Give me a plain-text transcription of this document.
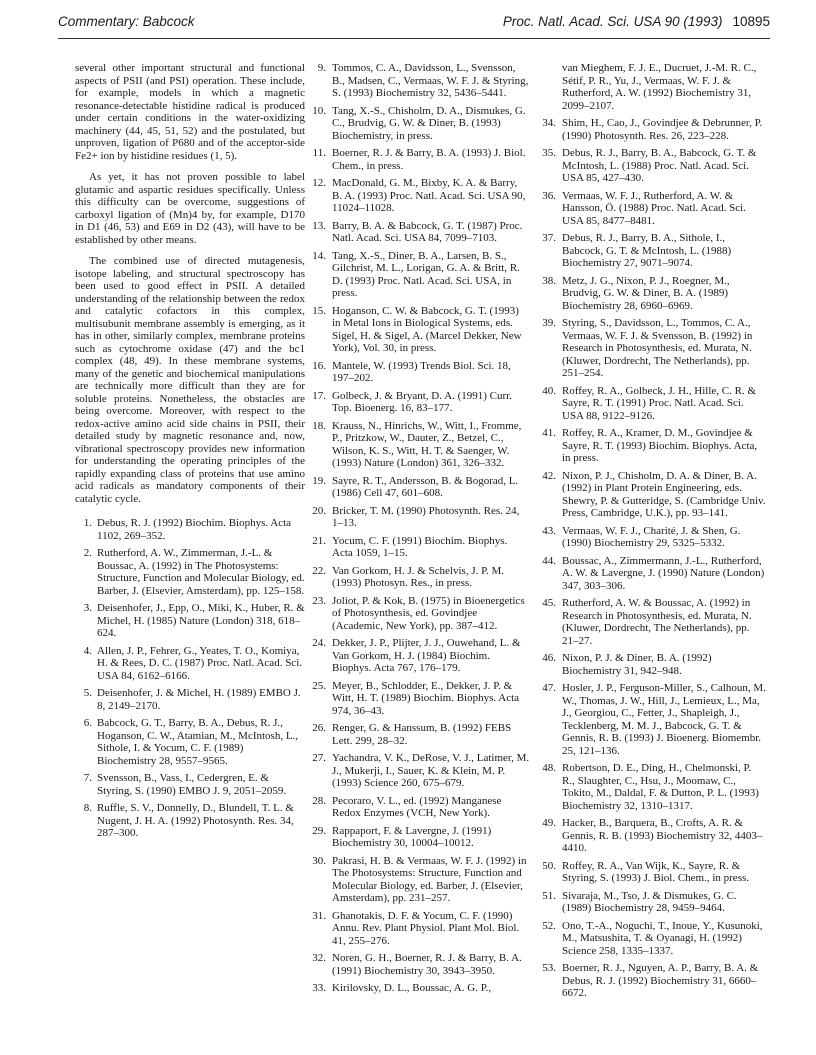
Commentary: Babcock	Proc. Natl. Acad. Sci. USA 90 (1993) 10895

several other important structural and functional aspects of PSII (and PSI) operation. These include, for example, models in which a magnetic resonance-detectable histidine radical is produced under certain conditions in the water-oxidizing machinery (44, 45, 51, 52) and the postulated, but unproven, ligation of P680 and of the acceptor-side Fe2+ ion by histidine residues (1, 5).

As yet, it has not proven possible to label glutamic and aspartic residues specifically. Unless this difficulty can be overcome, suggestions of carboxyl ligation of (Mn)4 by, for example, D170 in D1 (46, 53) and E69 in D2 (43), will have to be established by other means.

The combined use of directed mutagenesis, isotope labeling, and structural spectroscopy has been used to good effect in PSII. A detailed understanding of the relationship between the redox and catalytic cofactors in this complex, multisubunit membrane assembly is emerging, as it has in other, similarly complex, membrane proteins such as cytochrome oxidase (47) and the bc1 complex (48, 49). In these membrane systems, many of the genetic and biochemical manipulations are technically more difficult than they are for soluble proteins. Nonetheless, the obstacles are being overcome. Moreover, with respect to the redox-active amino acid side chains in PSII, their detailed study by magnetic resonance and, now, vibrational spectroscopy provides new information for understanding the operating principles of the rapidly expanding class of proteins that use amino acid radicals as mandatory components of their catalytic cycle.

1. Debus, R. J. (1992) Biochim. Biophys. Acta 1102, 269–352.
2. Rutherford, A. W., Zimmerman, J.-L. & Boussac, A. (1992) in The Photosystems: Structure, Function and Molecular Biology, ed. Barber, J. (Elsevier, Amsterdam), pp. 125–158.
3. Deisenhofer, J., Epp, O., Miki, K., Huber, R. & Michel, H. (1985) Nature (London) 318, 618–624.
4. Allen, J. P., Fehrer, G., Yeates, T. O., Komiya, H. & Rees, D. C. (1987) Proc. Natl. Acad. Sci. USA 84, 6162–6166.
5. Deisenhofer, J. & Michel, H. (1989) EMBO J. 8, 2149–2170.
6. Babcock, G. T., Barry, B. A., Debus, R. J., Hoganson, C. W., Atamian, M., McIntosh, L., Sithole, I. & Yocum, C. F. (1989) Biochemistry 28, 9557–9565.
7. Svensson, B., Vass, I., Cedergren, E. & Styring, S. (1990) EMBO J. 9, 2051–2059.
8. Ruffle, S. V., Donnelly, D., Blundell, T. L. & Nugent, J. H. A. (1992) Photosynth. Res. 34, 287–300.
9. Tommos, C. A., Davidsson, L., Svensson, B., Madsen, C., Vermaas, W. F. J. & Styring, S. (1993) Biochemistry 32, 5436–5441.
10. Tang, X.-S., Chisholm, D. A., Dismukes, G. C., Brudvig, G. W. & Diner, B. (1993) Biochemistry, in press.
11. Boerner, R. J. & Barry, B. A. (1993) J. Biol. Chem., in press.
12. MacDonald, G. M., Bixby, K. A. & Barry, B. A. (1993) Proc. Natl. Acad. Sci. USA 90, 11024–11028.
13. Barry, B. A. & Babcock, G. T. (1987) Proc. Natl. Acad. Sci. USA 84, 7099–7103.
14. Tang, X.-S., Diner, B. A., Larsen, B. S., Gilchrist, M. L., Lorigan, G. A. & Britt, R. D. (1993) Proc. Natl. Acad. Sci. USA, in press.
15. Hoganson, C. W. & Babcock, G. T. (1993) in Metal Ions in Biological Systems, eds. Sigel, H. & Sigel, A. (Marcel Dekker, New York), Vol. 30, in press.
16. Mantele, W. (1993) Trends Biol. Sci. 18, 197–202.
17. Golbeck, J. & Bryant, D. A. (1991) Curr. Top. Bioenerg. 16, 83–177.
18. Krauss, N., Hinrichs, W., Witt, I., Fromme, P., Pritzkow, W., Dauter, Z., Betzel, C., Wilson, K. S., Witt, H. T. & Saenger, W. (1993) Nature (London) 361, 326–332.
19. Sayre, R. T., Andersson, B. & Bogorad, L. (1986) Cell 47, 601–608.
20. Bricker, T. M. (1990) Photosynth. Res. 24, 1–13.
21. Yocum, C. F. (1991) Biochim. Biophys. Acta 1059, 1–15.
22. Van Gorkom, H. J. & Schelvis, J. P. M. (1993) Photosyn. Res., in press.
23. Joliot, P. & Kok, B. (1975) in Bioenergetics of Photosynthesis, ed. Govindjee (Academic, New York), pp. 387–412.
24. Dekker, J. P., Plijter, J. J., Ouwehand, L. & Van Gorkom, H. J. (1984) Biochim. Biophys. Acta 767, 176–179.
25. Meyer, B., Schlodder, E., Dekker, J. P. & Witt, H. T. (1989) Biochim. Biophys. Acta 974, 36–43.
26. Renger, G. & Hanssum, B. (1992) FEBS Lett. 299, 28–32.
27. Yachandra, V. K., DeRose, V. J., Latimer, M. J., Mukerji, I., Sauer, K. & Klein, M. P. (1993) Science 260, 675–679.
28. Pecoraro, V. L., ed. (1992) Manganese Redox Enzymes (VCH, New York).
29. Rappaport, F. & Lavergne, J. (1991) Biochemistry 30, 10004–10012.
30. Pakrasi, H. B. & Vermaas, W. F. J. (1992) in The Photosystems: Structure, Function and Molecular Biology, ed. Barber, J. (Elsevier, Amsterdam), pp. 231–257.
31. Ghanotakis, D. F. & Yocum, C. F. (1990) Annu. Rev. Plant Physiol. Plant Mol. Biol. 41, 255–276.
32. Noren, G. H., Boerner, R. J. & Barry, B. A. (1991) Biochemistry 30, 3943–3950.
33. Kirilovsky, D. L., Boussac, A. G. P.,
van Mieghem, F. J. E., Ducruet, J.-M. R. C., Sétif, P. R., Yu, J., Vermaas, W. F. J. & Rutherford, A. W. (1992) Biochemistry 31, 2099–2107.
34. Shim, H., Cao, J., Govindjee & Debrunner, P. (1990) Photosynth. Res. 26, 223–228.
35. Debus, R. J., Barry, B. A., Babcock, G. T. & McIntosh, L. (1988) Proc. Natl. Acad. Sci. USA 85, 427–430.
36. Vermaas, W. F. J., Rutherford, A. W. & Hansson, Ö. (1988) Proc. Natl. Acad. Sci. USA 85, 8477–8481.
37. Debus, R. J., Barry, B. A., Sithole, I., Babcock, G. T. & McIntosh, L. (1988) Biochemistry 27, 9071–9074.
38. Metz, J. G., Nixon, P. J., Roegner, M., Brudvig, G. W. & Diner, B. A. (1989) Biochemistry 28, 6960–6969.
39. Styring, S., Davidsson, L., Tommos, C. A., Vermaas, W. F. J. & Svensson, B. (1992) in Research in Photosynthesis, ed. Murata, N. (Kluwer, Dordrecht, The Netherlands), pp. 251–254.
40. Roffey, R. A., Golbeck, J. H., Hille, C. R. & Sayre, R. T. (1991) Proc. Natl. Acad. Sci. USA 88, 9122–9126.
41. Roffey, R. A., Kramer, D. M., Govindjee & Sayre, R. T. (1993) Biochim. Biophys. Acta, in press.
42. Nixon, P. J., Chisholm, D. A. & Diner, B. A. (1992) in Plant Protein Engineering, eds. Shewry, P. & Gutteridge, S. (Cambridge Univ. Press, Cambridge, U.K.), pp. 93–141.
43. Vermaas, W. F. J., Charité, J. & Shen, G. (1990) Biochemistry 29, 5325–5332.
44. Boussac, A., Zimmermann, J.-L., Rutherford, A. W. & Lavergne, J. (1990) Nature (London) 347, 303–306.
45. Rutherford, A. W. & Boussac, A. (1992) in Research in Photosynthesis, ed. Murata, N. (Kluwer, Dordrecht, The Netherlands), pp. 21–27.
46. Nixon, P. J. & Diner, B. A. (1992) Biochemistry 31, 942–948.
47. Hosler, J. P., Ferguson-Miller, S., Calhoun, M. W., Thomas, J. W., Hill, J., Lemieux, L., Ma, J., Georgiou, C., Fetter, J., Shapleigh, J., Tecklenberg, M. M. J., Babcock, G. T. & Gennis, R. B. (1993) J. Bioenerg. Biomembr. 25, 121–136.
48. Robertson, D. E., Ding, H., Chelmonski, P. R., Slaughter, C., Hsu, J., Moomaw, C., Tokito, M., Daldal, F. & Dutton, P. L. (1993) Biochemistry 32, 1310–1317.
49. Hacker, B., Barquera, B., Crofts, A. R. & Gennis, R. B. (1993) Biochemistry 32, 4403–4410.
50. Roffey, R. A., Van Wijk, K., Sayre, R. & Styring, S. (1993) J. Biol. Chem., in press.
51. Sivaraja, M., Tso, J. & Dismukes, G. C. (1989) Biochemistry 28, 9459–9464.
52. Ono, T.-A., Noguchi, T., Inoue, Y., Kusunoki, M., Matsushita, T. & Oyanagi, H. (1992) Science 258, 1335–1337.
53. Boerner, R. J., Nguyen, A. P., Barry, B. A. & Debus, R. J. (1992) Biochemistry 31, 6660–6672.
